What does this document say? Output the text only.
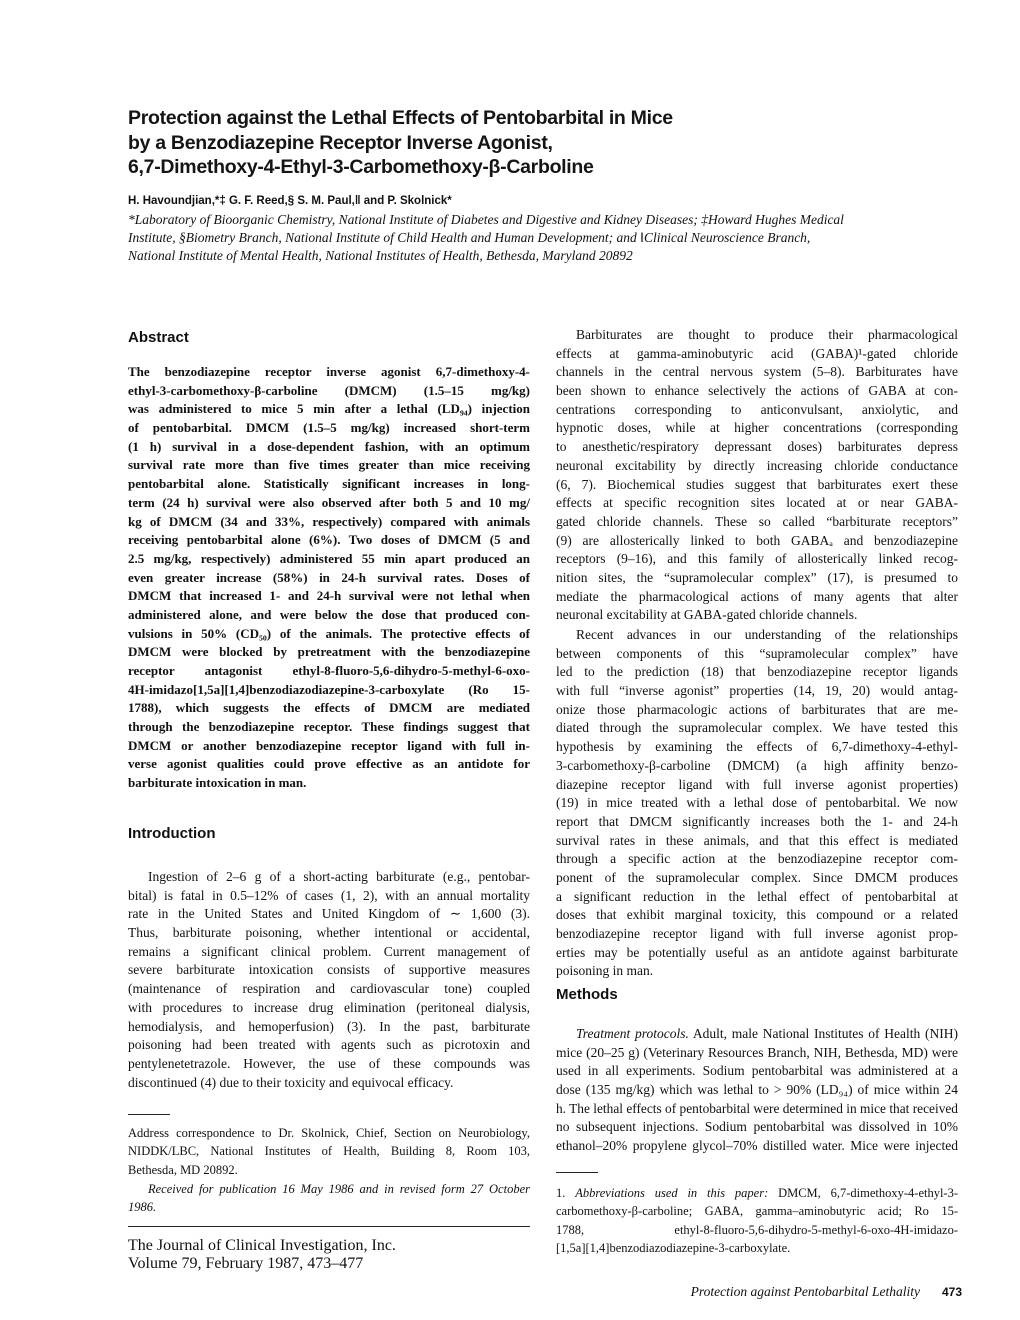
Protection against the Lethal Effects of Pentobarbital in Mice
by a Benzodiazepine Receptor Inverse Agonist,
6,7-Dimethoxy-4-Ethyl-3-Carbomethoxy-β-Carboline
H. Havoundjian,*‡ G. F. Reed,§ S. M. Paul,‖ and P. Skolnick*
*Laboratory of Bioorganic Chemistry, National Institute of Diabetes and Digestive and Kidney Diseases; ‡Howard Hughes Medical
Institute, §Biometry Branch, National Institute of Child Health and Human Development; and ‖Clinical Neuroscience Branch,
National Institute of Mental Health, National Institutes of Health, Bethesda, Maryland 20892
Abstract
The benzodiazepine receptor inverse agonist 6,7-dimethoxy-4-
ethyl-3-carbomethoxy-β-carboline (DMCM) (1.5–15 mg/kg)
was administered to mice 5 min after a lethal (LD₉₄) injection
of pentobarbital. DMCM (1.5–5 mg/kg) increased short-term
(1 h) survival in a dose-dependent fashion, with an optimum
survival rate more than five times greater than mice receiving
pentobarbital alone. Statistically significant increases in long-
term (24 h) survival were also observed after both 5 and 10 mg/
kg of DMCM (34 and 33%, respectively) compared with animals
receiving pentobarbital alone (6%). Two doses of DMCM (5 and
2.5 mg/kg, respectively) administered 55 min apart produced an
even greater increase (58%) in 24-h survival rates. Doses of
DMCM that increased 1- and 24-h survival were not lethal when
administered alone, and were below the dose that produced con-
vulsions in 50% (CD₅₀) of the animals. The protective effects of
DMCM were blocked by pretreatment with the benzodiazepine
receptor antagonist ethyl-8-fluoro-5,6-dihydro-5-methyl-6-oxo-
4H-imidazo[1,5a][1,4]benzodiazodiazepine-3-carboxylate (Ro 15-
1788), which suggests the effects of DMCM are mediated
through the benzodiazepine receptor. These findings suggest that
DMCM or another benzodiazepine receptor ligand with full in-
verse agonist qualities could prove effective as an antidote for
barbiturate intoxication in man.
Introduction
Ingestion of 2–6 g of a short-acting barbiturate (e.g., pentobar-
bital) is fatal in 0.5–12% of cases (1, 2), with an annual mortality
rate in the United States and United Kingdom of ∼ 1,600 (3).
Thus, barbiturate poisoning, whether intentional or accidental,
remains a significant clinical problem. Current management of
severe barbiturate intoxication consists of supportive measures
(maintenance of respiration and cardiovascular tone) coupled
with procedures to increase drug elimination (peritoneal dialysis,
hemodialysis, and hemoperfusion) (3). In the past, barbiturate
poisoning had been treated with agents such as picrotoxin and
pentylenetetrazole. However, the use of these compounds was
discontinued (4) due to their toxicity and equivocal efficacy.
Barbiturates are thought to produce their pharmacological
effects at gamma-aminobutyric acid (GABA)¹-gated chloride
channels in the central nervous system (5–8). Barbiturates have
been shown to enhance selectively the actions of GABA at con-
centrations corresponding to anticonvulsant, anxiolytic, and
hypnotic doses, while at higher concentrations (corresponding
to anesthetic/respiratory depressant doses) barbiturates depress
neuronal excitability by directly increasing chloride conductance
(6, 7). Biochemical studies suggest that barbiturates exert these
effects at specific recognition sites located at or near GABA-
gated chloride channels. These so called “barbiturate receptors”
(9) are allosterically linked to both GABAₐ and benzodiazepine
receptors (9–16), and this family of allosterically linked recog-
nition sites, the “supramolecular complex” (17), is presumed to
mediate the pharmacological actions of many agents that alter
neuronal excitability at GABA-gated chloride channels.
Recent advances in our understanding of the relationships
between components of this “supramolecular complex” have
led to the prediction (18) that benzodiazepine receptor ligands
with full “inverse agonist” properties (14, 19, 20) would antag-
onize those pharmacologic actions of barbiturates that are me-
diated through the supramolecular complex. We have tested this
hypothesis by examining the effects of 6,7-dimethoxy-4-ethyl-
3-carbomethoxy-β-carboline (DMCM) (a high affinity benzo-
diazepine receptor ligand with full inverse agonist properties)
(19) in mice treated with a lethal dose of pentobarbital. We now
report that DMCM significantly increases both the 1- and 24-h
survival rates in these animals, and that this effect is mediated
through a specific action at the benzodiazepine receptor com-
ponent of the supramolecular complex. Since DMCM produces
a significant reduction in the lethal effect of pentobarbital at
doses that exhibit marginal toxicity, this compound or a related
benzodiazepine receptor ligand with full inverse agonist prop-
erties may be potentially useful as an antidote against barbiturate
poisoning in man.
Methods
Treatment protocols. Adult, male National Institutes of Health (NIH)
mice (20–25 g) (Veterinary Resources Branch, NIH, Bethesda, MD) were
used in all experiments. Sodium pentobarbital was administered at a
dose (135 mg/kg) which was lethal to > 90% (LD₉₄) of mice within 24
h. The lethal effects of pentobarbital were determined in mice that received
no subsequent injections. Sodium pentobarbital was dissolved in 10%
ethanol–20% propylene glycol–70% distilled water. Mice were injected
Address correspondence to Dr. Skolnick, Chief, Section on Neurobiology,
NIDDK/LBC, National Institutes of Health, Building 8, Room 103,
Bethesda, MD 20892.
Received for publication 16 May 1986 and in revised form 27 October
1986.
The Journal of Clinical Investigation, Inc.
Volume 79, February 1987, 473–477
1. Abbreviations used in this paper: DMCM, 6,7-dimethoxy-4-ethyl-3-
carbomethoxy-β-carboline; GABA, gamma–aminobutyric acid; Ro 15-
1788, ethyl-8-fluoro-5,6-dihydro-5-methyl-6-oxo-4H-imidazo-
[1,5a][1,4]benzodiazodiazepine-3-carboxylate.
Protection against Pentobarbital Lethality 473
